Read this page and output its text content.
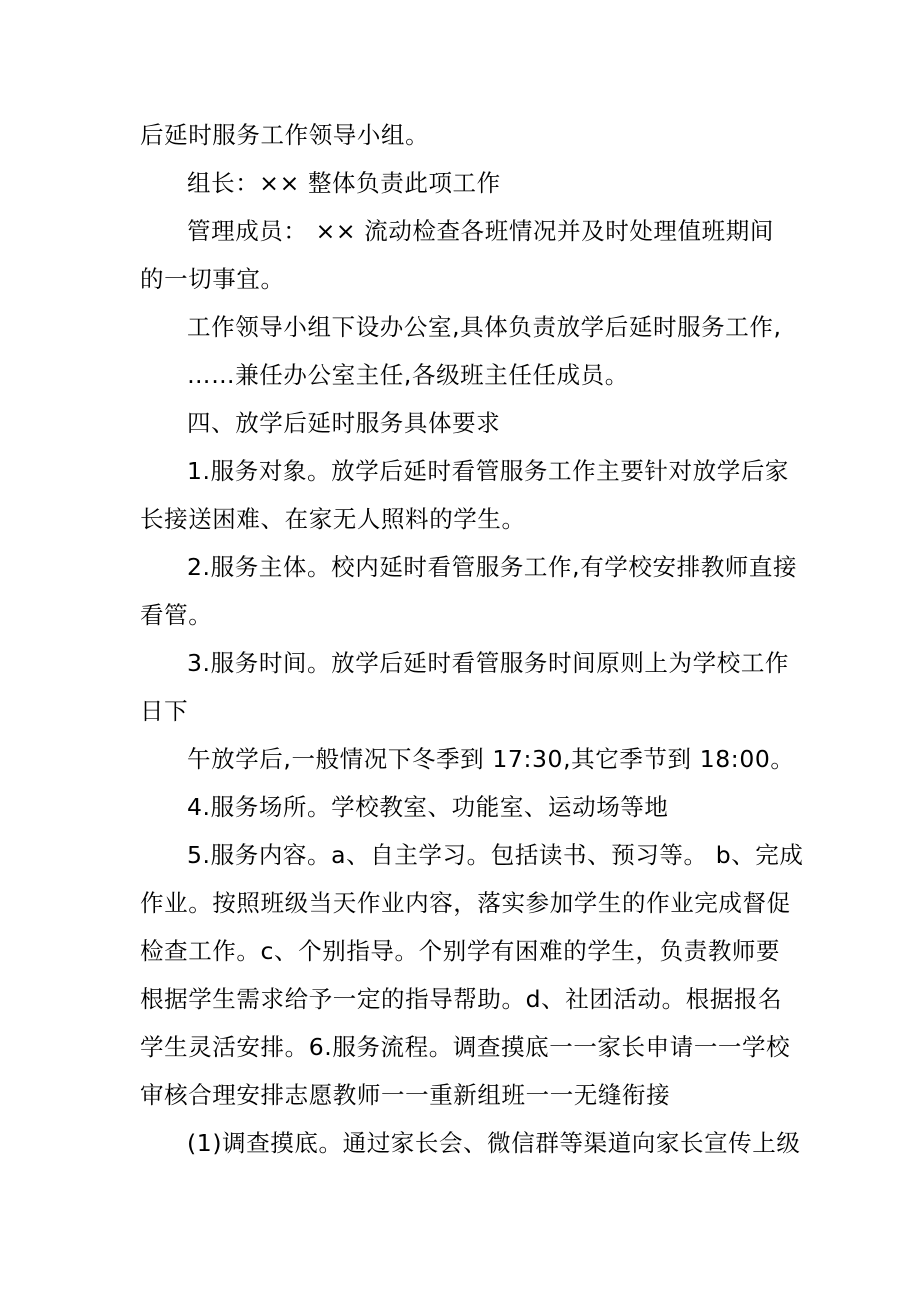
后延时服务工作领导小组。
组长：×× 整体负责此项工作
管理成员： ×× 流动检查各班情况并及时处理值班期间
的一切事宜。
工作领导小组下设办公室,具体负责放学后延时服务工作,
……兼任办公室主任,各级班主任任成员。
四、放学后延时服务具体要求
1.服务对象。放学后延时看管服务工作主要针对放学后家
长接送困难、在家无人照料的学生。
2.服务主体。校内延时看管服务工作,有学校安排教师直接
看管。
3.服务时间。放学后延时看管服务时间原则上为学校工作
日下
午放学后,一般情况下冬季到 17:30,其它季节到 18:00。
4.服务场所。学校教室、功能室、运动场等地
5.服务内容。a、自主学习。包括读书、预习等。 b、完成
作业。按照班级当天作业内容，落实参加学生的作业完成督促
检查工作。c、个别指导。个别学有困难的学生，负责教师要
根据学生需求给予一定的指导帮助。d、社团活动。根据报名
学生灵活安排。6.服务流程。调查摸底一一家长申请一一学校
审核合理安排志愿教师一一重新组班一一无缝衔接
(1)调查摸底。通过家长会、微信群等渠道向家长宣传上级
